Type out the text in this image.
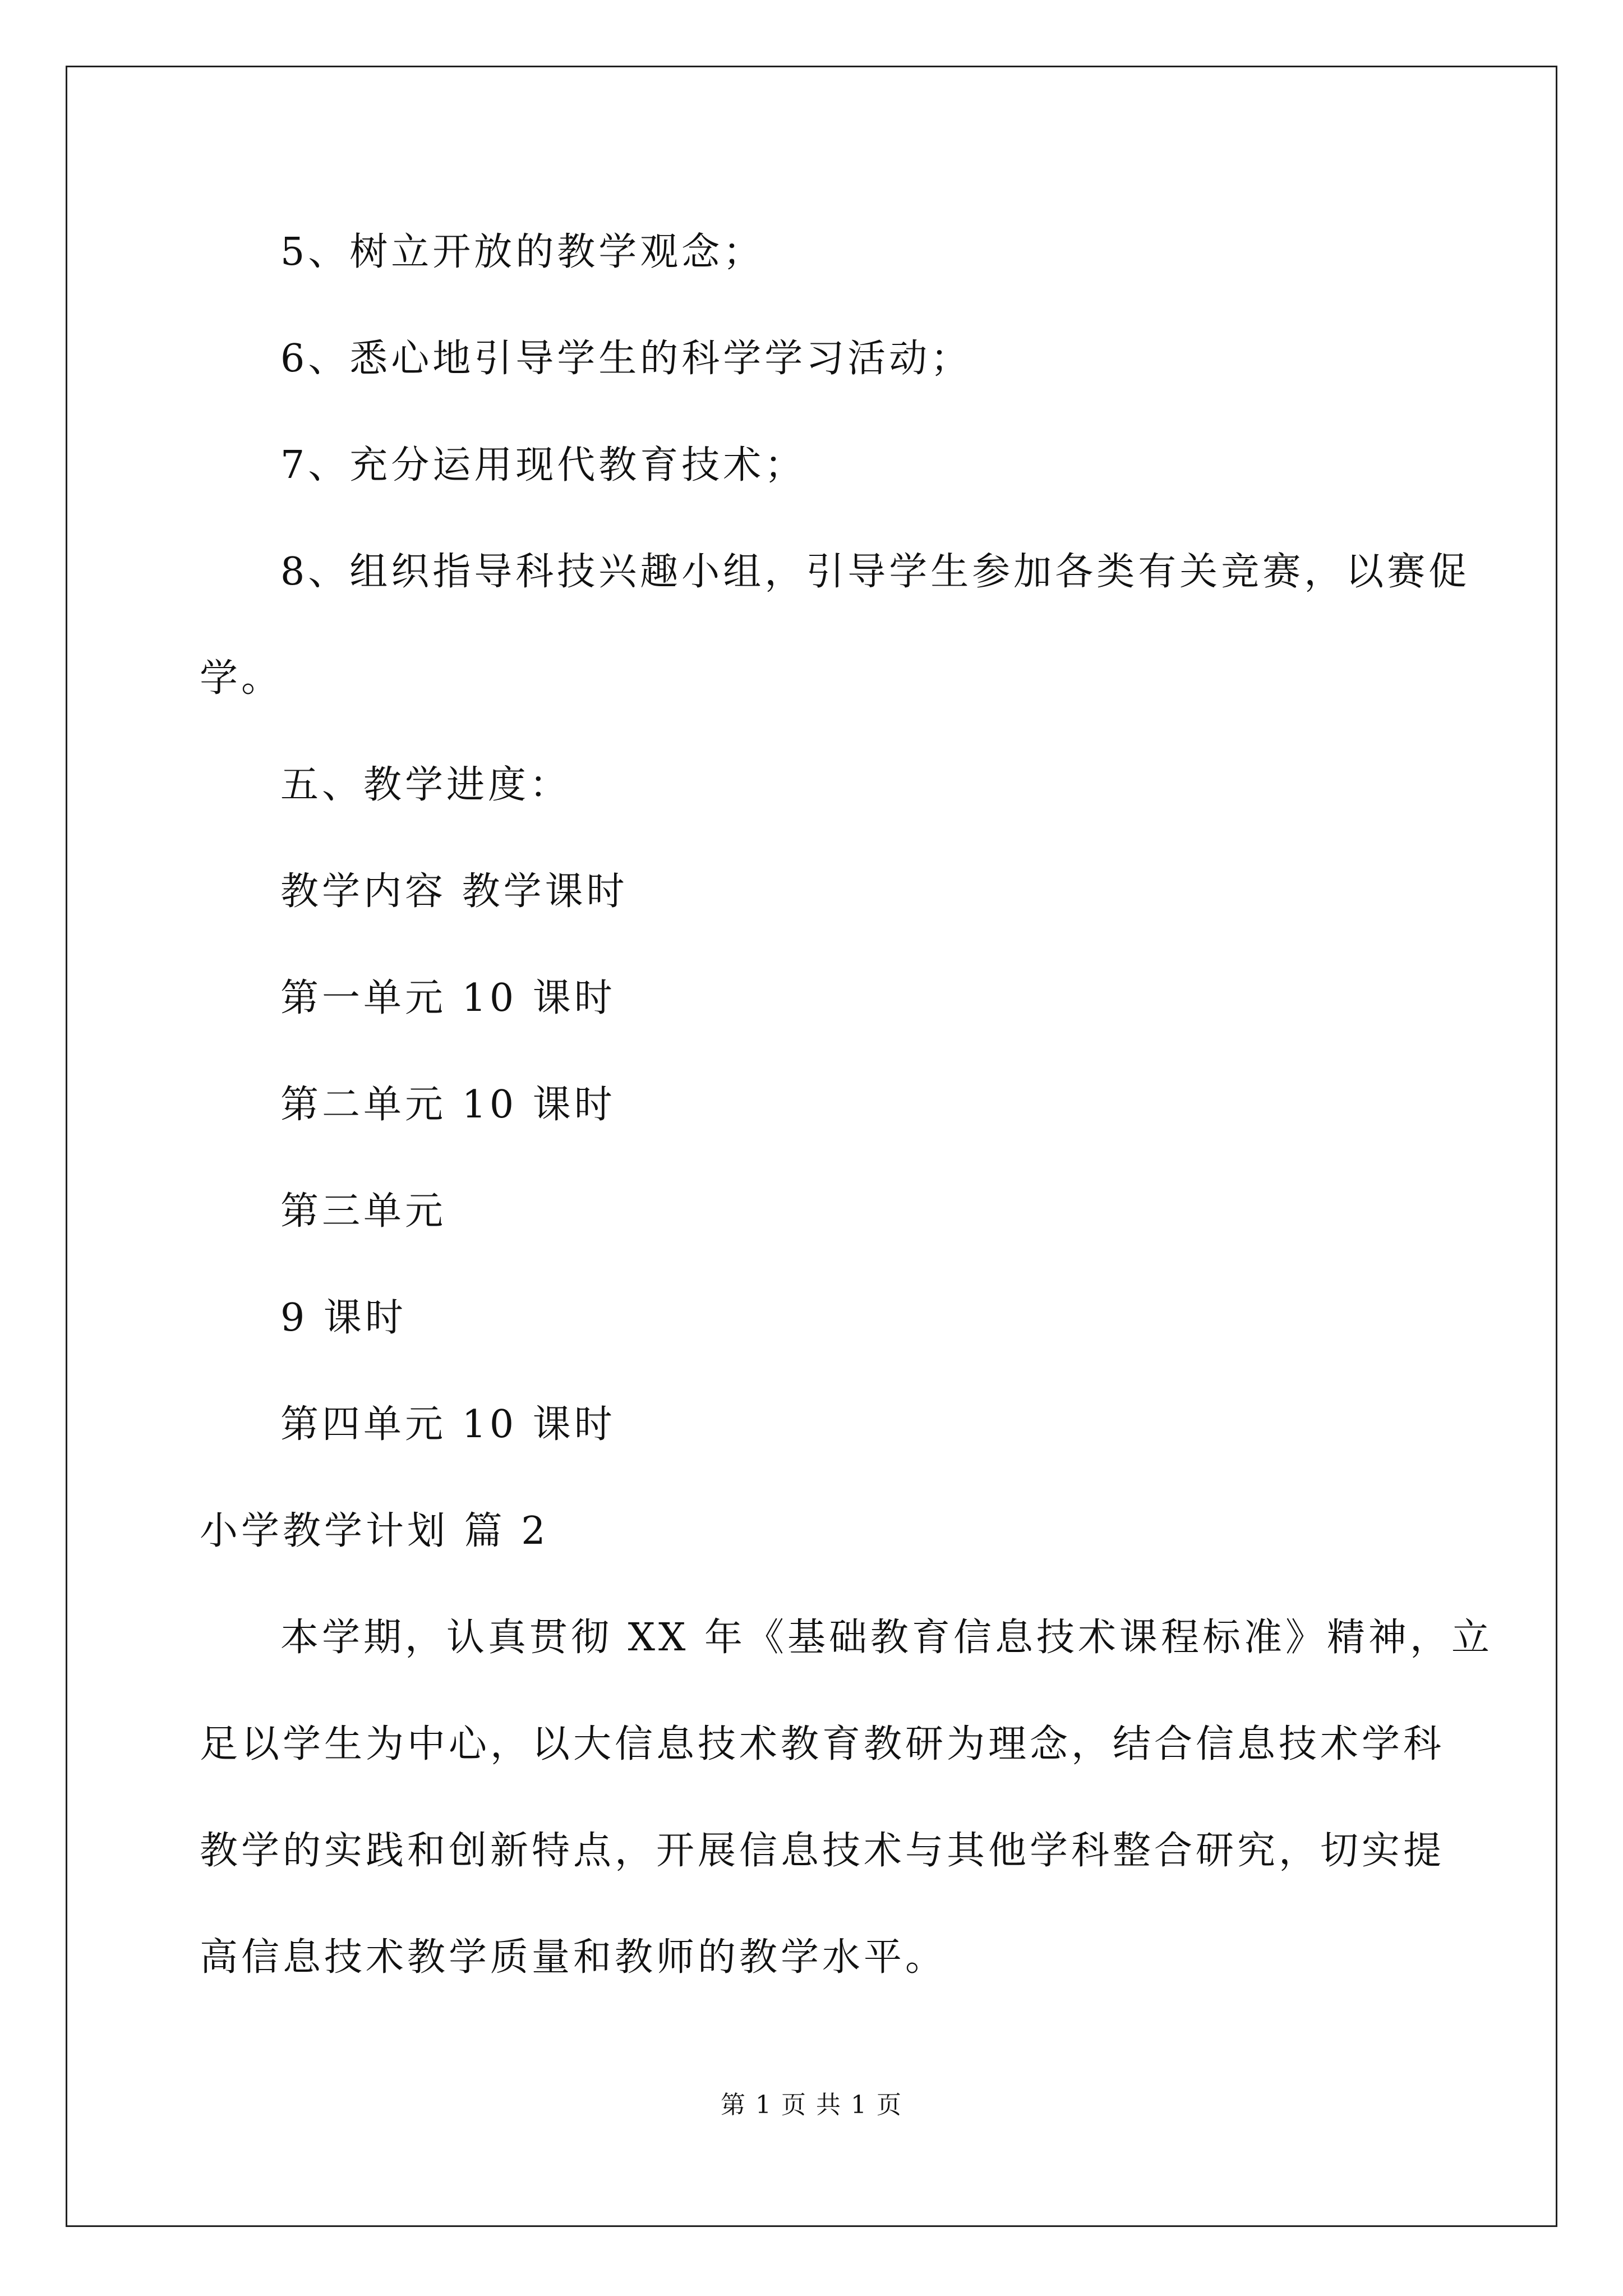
5、树立开放的教学观念；
6、悉心地引导学生的科学学习活动；
7、充分运用现代教育技术；
8、组织指导科技兴趣小组，引导学生参加各类有关竞赛，以赛促
学。
五、教学进度：
教学内容 教学课时
第一单元 10 课时
第二单元 10 课时
第三单元
9 课时
第四单元 10 课时
小学教学计划 篇 2
本学期，认真贯彻 XX 年《基础教育信息技术课程标准》精神，立
足以学生为中心，以大信息技术教育教研为理念，结合信息技术学科
教学的实践和创新特点，开展信息技术与其他学科整合研究，切实提
高信息技术教学质量和教师的教学水平。
第 1 页 共 1 页
